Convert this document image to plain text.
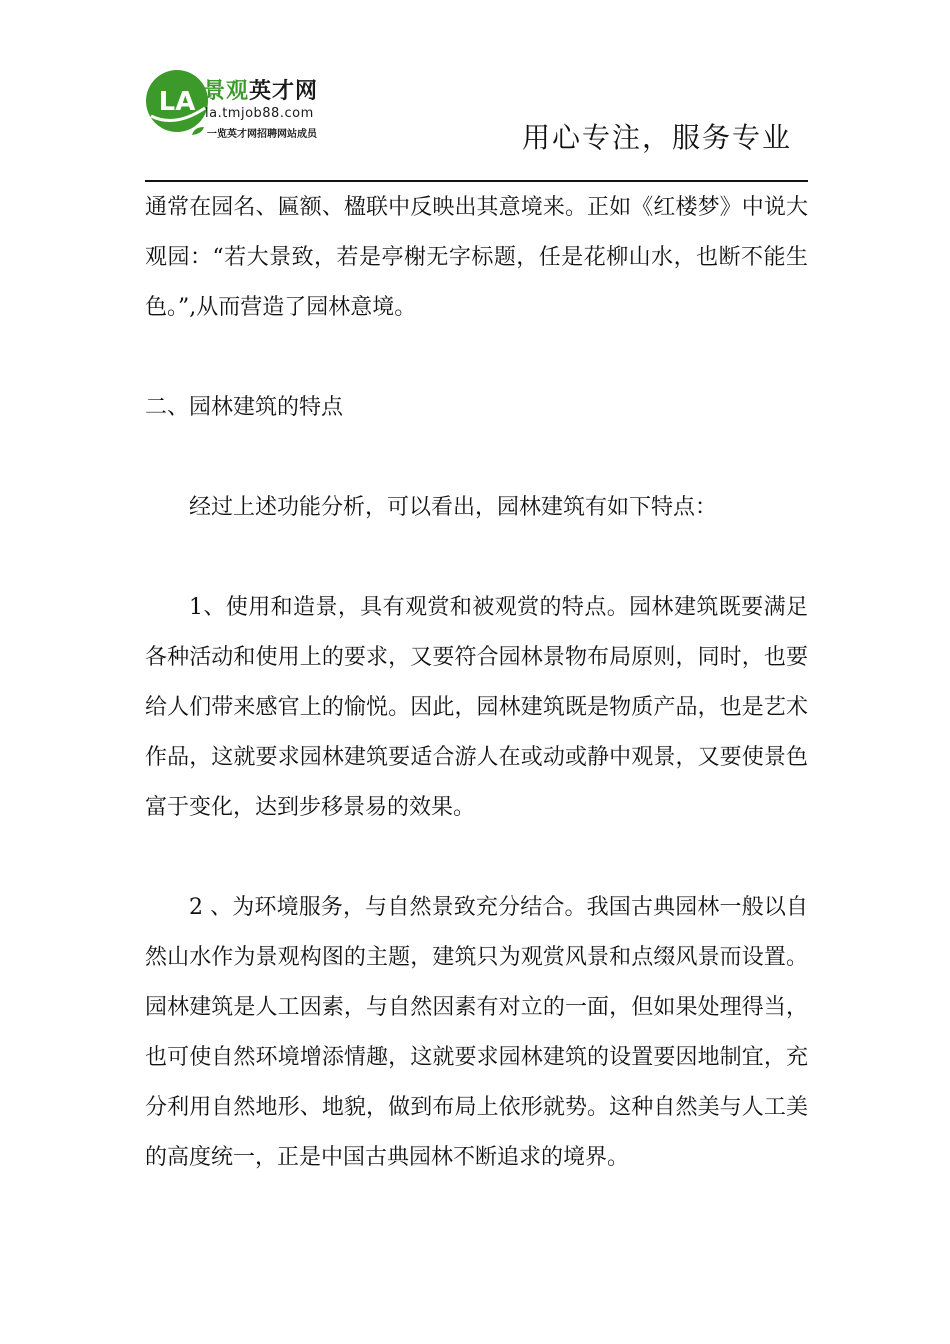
LA 景观英才网
la.tmjob88.com
一览英才网招聘网站成员	用心专注，服务专业

通常在园名、匾额、楹联中反映出其意境来。正如《红楼梦》中说大观园：“若大景致，若是亭榭无字标题，任是花柳山水，也断不能生色。”,从而营造了园林意境。

二、园林建筑的特点

经过上述功能分析，可以看出，园林建筑有如下特点：

1、使用和造景，具有观赏和被观赏的特点。园林建筑既要满足各种活动和使用上的要求，又要符合园林景物布局原则，同时，也要给人们带来感官上的愉悦。因此，园林建筑既是物质产品，也是艺术作品，这就要求园林建筑要适合游人在或动或静中观景，又要使景色富于变化，达到步移景易的效果。

2 、为环境服务，与自然景致充分结合。我国古典园林一般以自然山水作为景观构图的主题，建筑只为观赏风景和点缀风景而设置。园林建筑是人工因素，与自然因素有对立的一面，但如果处理得当，也可使自然环境增添情趣，这就要求园林建筑的设置要因地制宜，充分利用自然地形、地貌，做到布局上依形就势。这种自然美与人工美的高度统一，正是中国古典园林不断追求的境界。
